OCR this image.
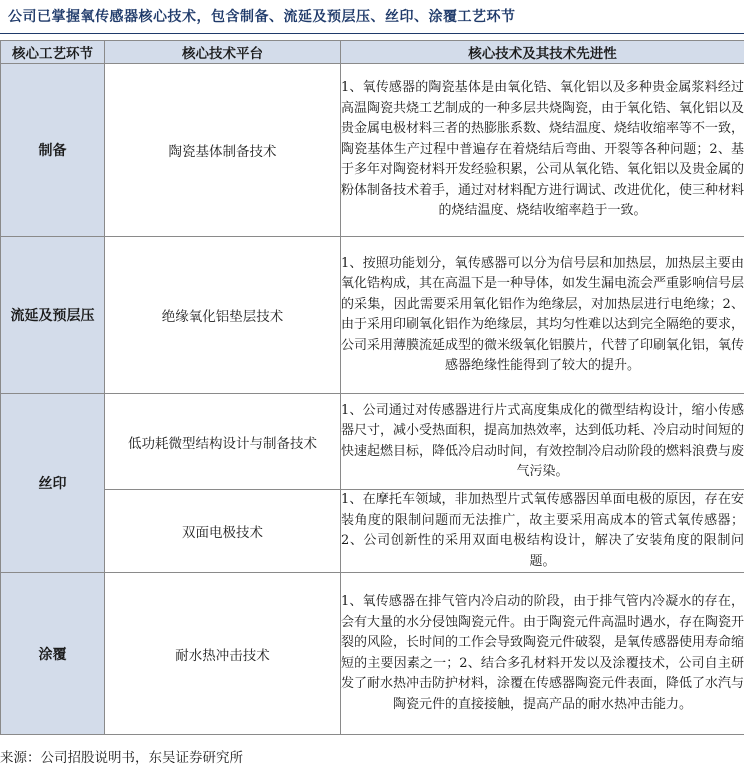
公司已掌握氧传感器核心技术，包含制备、流延及预层压、丝印、涂覆工艺环节
核心工艺环节	核心技术平台	核心技术及其技术先进性
制备	陶瓷基体制备技术	1、氧传感器的陶瓷基体是由氧化锆、氧化铝以及多种贵金属浆料经过高温陶瓷共烧工艺制成的一种多层共烧陶瓷，由于氧化锆、氧化铝以及贵金属电极材料三者的热膨胀系数、烧结温度、烧结收缩率等不一致，陶瓷基体生产过程中普遍存在着烧结后弯曲、开裂等各种问题；2、基于多年对陶瓷材料开发经验积累，公司从氧化锆、氧化铝以及贵金属的粉体制备技术着手，通过对材料配方进行调试、改进优化，使三种材料的烧结温度、烧结收缩率趋于一致。
流延及预层压	绝缘氧化铝垫层技术	1、按照功能划分，氧传感器可以分为信号层和加热层，加热层主要由氧化锆构成，其在高温下是一种导体，如发生漏电流会严重影响信号层的采集，因此需要采用氧化铝作为绝缘层，对加热层进行电绝缘；2、由于采用印刷氧化铝作为绝缘层，其均匀性难以达到完全隔绝的要求，公司采用薄膜流延成型的微米级氧化铝膜片，代替了印刷氧化铝，氧传感器绝缘性能得到了较大的提升。
丝印	低功耗微型结构设计与制备技术	1、公司通过对传感器进行片式高度集成化的微型结构设计，缩小传感器尺寸，减小受热面积，提高加热效率，达到低功耗、冷启动时间短的快速起燃目标，降低冷启动时间，有效控制冷启动阶段的燃料浪费与废气污染。
	双面电极技术	1、在摩托车领域，非加热型片式氧传感器因单面电极的原因，存在安装角度的限制问题而无法推广，故主要采用高成本的管式氧传感器；2、公司创新性的采用双面电极结构设计，解决了安装角度的限制问题。
涂覆	耐水热冲击技术	1、氧传感器在排气管内冷启动的阶段，由于排气管内冷凝水的存在，会有大量的水分侵蚀陶瓷元件。由于陶瓷元件高温时遇水，存在陶瓷开裂的风险，长时间的工作会导致陶瓷元件破裂，是氧传感器使用寿命缩短的主要因素之一；2、结合多孔材料开发以及涂覆技术，公司自主研发了耐水热冲击防护材料，涂覆在传感器陶瓷元件表面，降低了水汽与陶瓷元件的直接接触，提高产品的耐水热冲击能力。
来源：公司招股说明书，东吴证券研究所
